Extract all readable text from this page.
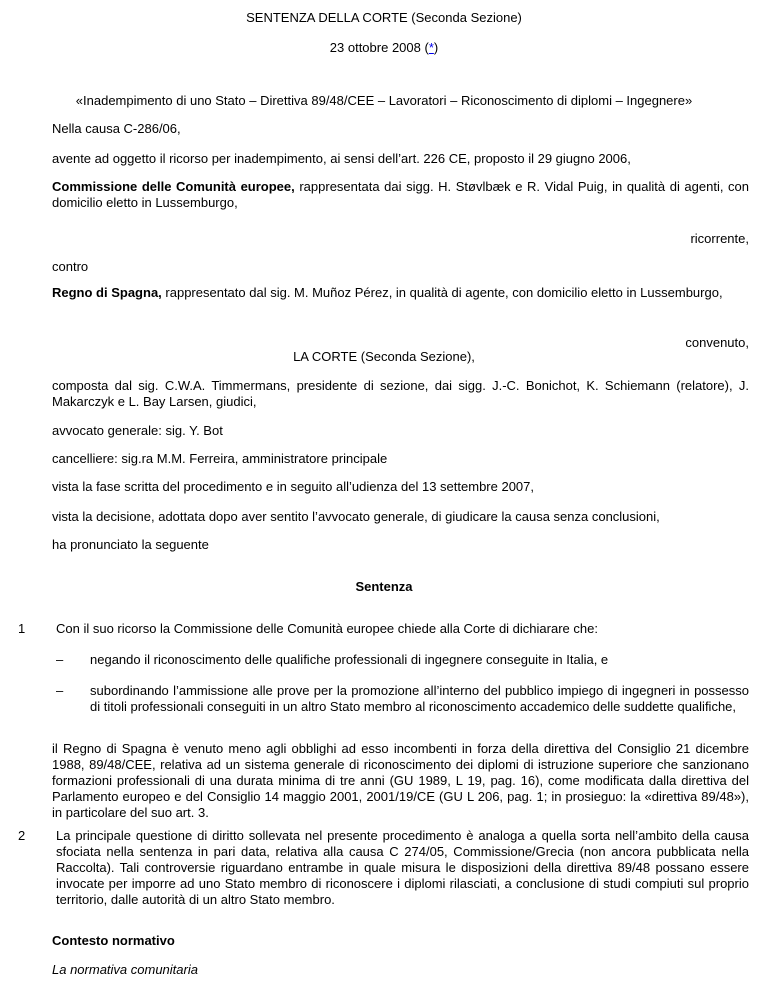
SENTENZA DELLA CORTE (Seconda Sezione)

23 ottobre 2008 (*)

«Inadempimento di uno Stato – Direttiva 89/48/CEE – Lavoratori – Riconoscimento di diplomi – Ingegnere»

Nella causa C‑286/06,

avente ad oggetto il ricorso per inadempimento, ai sensi dell’art. 226 CE, proposto il 29 giugno 2006,

Commissione delle Comunità europee, rappresentata dai sigg. H. Støvlbæk e R. Vidal Puig, in qualità di agenti, con domicilio eletto in Lussemburgo,

ricorrente,

contro

Regno di Spagna, rappresentato dal sig. M. Muñoz Pérez, in qualità di agente, con domicilio eletto in Lussemburgo,

convenuto,

LA CORTE (Seconda Sezione),

composta dal sig. C.W.A. Timmermans, presidente di sezione, dai sigg. J.‑C. Bonichot, K. Schiemann (relatore), J. Makarczyk e L. Bay Larsen, giudici,

avvocato generale: sig. Y. Bot

cancelliere: sig.ra M.M. Ferreira, amministratore principale

vista la fase scritta del procedimento e in seguito all’udienza del 13 settembre 2007,

vista la decisione, adottata dopo aver sentito l’avvocato generale, di giudicare la causa senza conclusioni,

ha pronunciato la seguente

Sentenza

1	Con il suo ricorso la Commissione delle Comunità europee chiede alla Corte di dichiarare che:

–	negando il riconoscimento delle qualifiche professionali di ingegnere conseguite in Italia, e

–	subordinando l’ammissione alle prove per la promozione all’interno del pubblico impiego di ingegneri in possesso di titoli professionali conseguiti in un altro Stato membro al riconoscimento accademico delle suddette qualifiche,

il Regno di Spagna è venuto meno agli obblighi ad esso incombenti in forza della direttiva del Consiglio 21 dicembre 1988, 89/48/CEE, relativa ad un sistema generale di riconoscimento dei diplomi di istruzione superiore che sanzionano formazioni professionali di una durata minima di tre anni (GU 1989, L 19, pag. 16), come modificata dalla direttiva del Parlamento europeo e del Consiglio 14 maggio 2001, 2001/19/CE (GU L 206, pag. 1; in prosieguo: la «direttiva 89/48»), in particolare del suo art. 3.

2	La principale questione di diritto sollevata nel presente procedimento è analoga a quella sorta nell’ambito della causa sfociata nella sentenza in pari data, relativa alla causa C 274/05, Commissione/Grecia (non ancora pubblicata nella Raccolta). Tali controversie riguardano entrambe in quale misura le disposizioni della direttiva 89/48 possano essere invocate per imporre ad uno Stato membro di riconoscere i diplomi rilasciati, a conclusione di studi compiuti sul proprio territorio, dalle autorità di un altro Stato membro.

Contesto normativo

La normativa comunitaria
